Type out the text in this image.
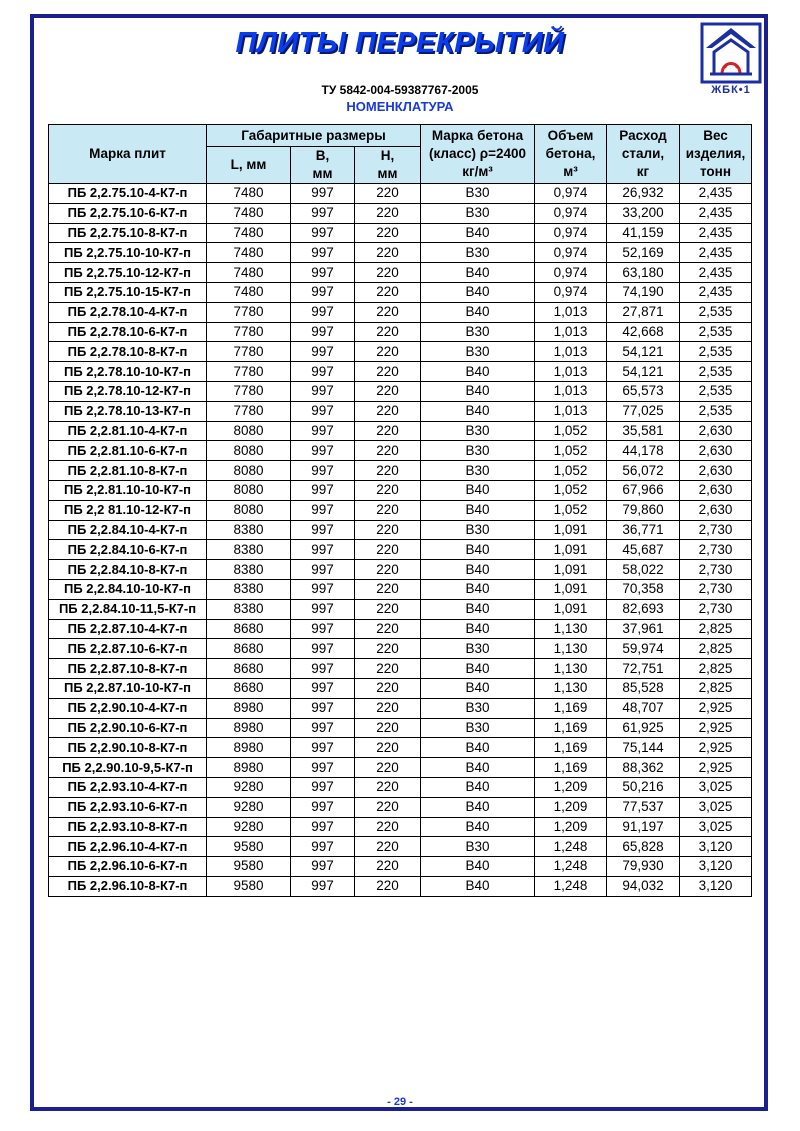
ПЛИТЫ ПЕРЕКРЫТИЙ
ЖБК•1
ТУ 5842-004-59387767-2005
НОМЕНКЛАТУРА
Марка плит	Габаритные размеры			Марка бетона (класс) ρ=2400 кг/м³	Объем бетона, м³	Расход стали, кг	Вес изделия, тонн
	L, мм	B, мм	H, мм				
ПБ 2,2.75.10-4-К7-п	7480	997	220	В30	0,974	26,932	2,435
ПБ 2,2.75.10-6-К7-п	7480	997	220	В30	0,974	33,200	2,435
ПБ 2,2.75.10-8-К7-п	7480	997	220	В40	0,974	41,159	2,435
ПБ 2,2.75.10-10-К7-п	7480	997	220	В30	0,974	52,169	2,435
ПБ 2,2.75.10-12-К7-п	7480	997	220	В40	0,974	63,180	2,435
ПБ 2,2.75.10-15-К7-п	7480	997	220	В40	0,974	74,190	2,435
ПБ 2,2.78.10-4-К7-п	7780	997	220	В40	1,013	27,871	2,535
ПБ 2,2.78.10-6-К7-п	7780	997	220	В30	1,013	42,668	2,535
ПБ 2,2.78.10-8-К7-п	7780	997	220	В30	1,013	54,121	2,535
ПБ 2,2.78.10-10-К7-п	7780	997	220	В40	1,013	54,121	2,535
ПБ 2,2.78.10-12-К7-п	7780	997	220	В40	1,013	65,573	2,535
ПБ 2,2.78.10-13-К7-п	7780	997	220	В40	1,013	77,025	2,535
ПБ 2,2.81.10-4-К7-п	8080	997	220	В30	1,052	35,581	2,630
ПБ 2,2.81.10-6-К7-п	8080	997	220	В30	1,052	44,178	2,630
ПБ 2,2.81.10-8-К7-п	8080	997	220	В30	1,052	56,072	2,630
ПБ 2,2.81.10-10-К7-п	8080	997	220	В40	1,052	67,966	2,630
ПБ 2,2 81.10-12-К7-п	8080	997	220	В40	1,052	79,860	2,630
ПБ 2,2.84.10-4-К7-п	8380	997	220	В30	1,091	36,771	2,730
ПБ 2,2.84.10-6-К7-п	8380	997	220	В40	1,091	45,687	2,730
ПБ 2,2.84.10-8-К7-п	8380	997	220	В40	1,091	58,022	2,730
ПБ 2,2.84.10-10-К7-п	8380	997	220	В40	1,091	70,358	2,730
ПБ 2,2.84.10-11,5-К7-п	8380	997	220	В40	1,091	82,693	2,730
ПБ 2,2.87.10-4-К7-п	8680	997	220	В40	1,130	37,961	2,825
ПБ 2,2.87.10-6-К7-п	8680	997	220	В30	1,130	59,974	2,825
ПБ 2,2.87.10-8-К7-п	8680	997	220	В40	1,130	72,751	2,825
ПБ 2,2.87.10-10-К7-п	8680	997	220	В40	1,130	85,528	2,825
ПБ 2,2.90.10-4-К7-п	8980	997	220	В30	1,169	48,707	2,925
ПБ 2,2.90.10-6-К7-п	8980	997	220	В30	1,169	61,925	2,925
ПБ 2,2.90.10-8-К7-п	8980	997	220	В40	1,169	75,144	2,925
ПБ 2,2.90.10-9,5-К7-п	8980	997	220	В40	1,169	88,362	2,925
ПБ 2,2.93.10-4-К7-п	9280	997	220	В40	1,209	50,216	3,025
ПБ 2,2.93.10-6-К7-п	9280	997	220	В40	1,209	77,537	3,025
ПБ 2,2.93.10-8-К7-п	9280	997	220	В40	1,209	91,197	3,025
ПБ 2,2.96.10-4-К7-п	9580	997	220	В30	1,248	65,828	3,120
ПБ 2,2.96.10-6-К7-п	9580	997	220	В40	1,248	79,930	3,120
ПБ 2,2.96.10-8-К7-п	9580	997	220	В40	1,248	94,032	3,120
- 29 -
